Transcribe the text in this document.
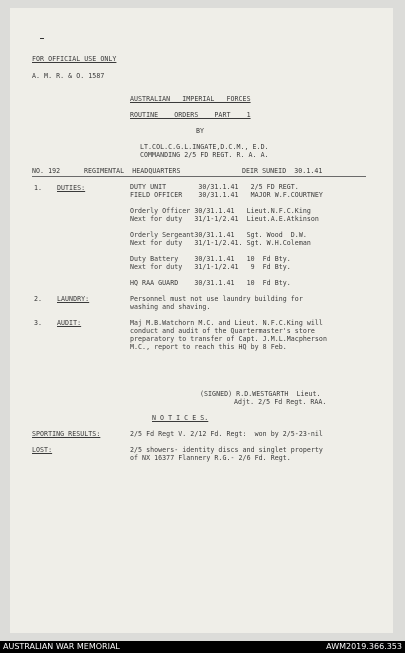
FOR OFFICIAL USE ONLY
A. M. R. & O. 1587
AUSTRALIAN   IMPERIAL   FORCES
ROUTINE    ORDERS    PART    1
BY
LT.COL.C.G.L.INGATE,D.C.M., E.D.
COMMANDING 2/5 FD REGT. R. A. A.
NO. 192	REGIMENTAL  HEADQUARTERS	DEIR SUNEID  30.1.41
1. DUTIES:	DUTY UNIT        30/31.1.41   2/5 FD REGT.
FIELD OFFICER    30/31.1.41   MAJOR W.F.COURTNEY
Orderly Officer 30/31.1.41   Lieut.N.F.C.King
Next for duty   31/1-1/2.41  Lieut.A.E.Atkinson
Orderly Sergeant30/31.1.41   Sgt. Wood  D.W.
Next for duty   31/1-1/2.41. Sgt. W.H.Coleman
Duty Battery    30/31.1.41   10  Fd Bty.
Next for duty   31/1-1/2.41   9  Fd Bty.
HQ RAA GUARD    30/31.1.41   10  Fd Bty.
2. LAUNDRY:	Personnel must not use laundry building for
washing and shaving.
3. AUDIT:	Maj M.B.Watchorn M.C. and Lieut. N.F.C.King will
conduct and audit of the Quartermaster's store
preparatory to transfer of Capt. J.M.L.Macpherson
M.C., report to reach this HQ by 8 Feb.
(SIGNED) R.D.WESTGARTH  Lieut.
Adjt. 2/5 Fd Regt. RAA.
N O T I C E S.
SPORTING RESULTS:	2/5 Fd Regt V. 2/12 Fd. Regt:  won by 2/5-23-nil
LOST:	2/5 showers- identity discs and singlet property
of NX 16377 Flannery R.G.- 2/6 Fd. Regt.
AUSTRALIAN WAR MEMORIAL	AWM2019.366.353
